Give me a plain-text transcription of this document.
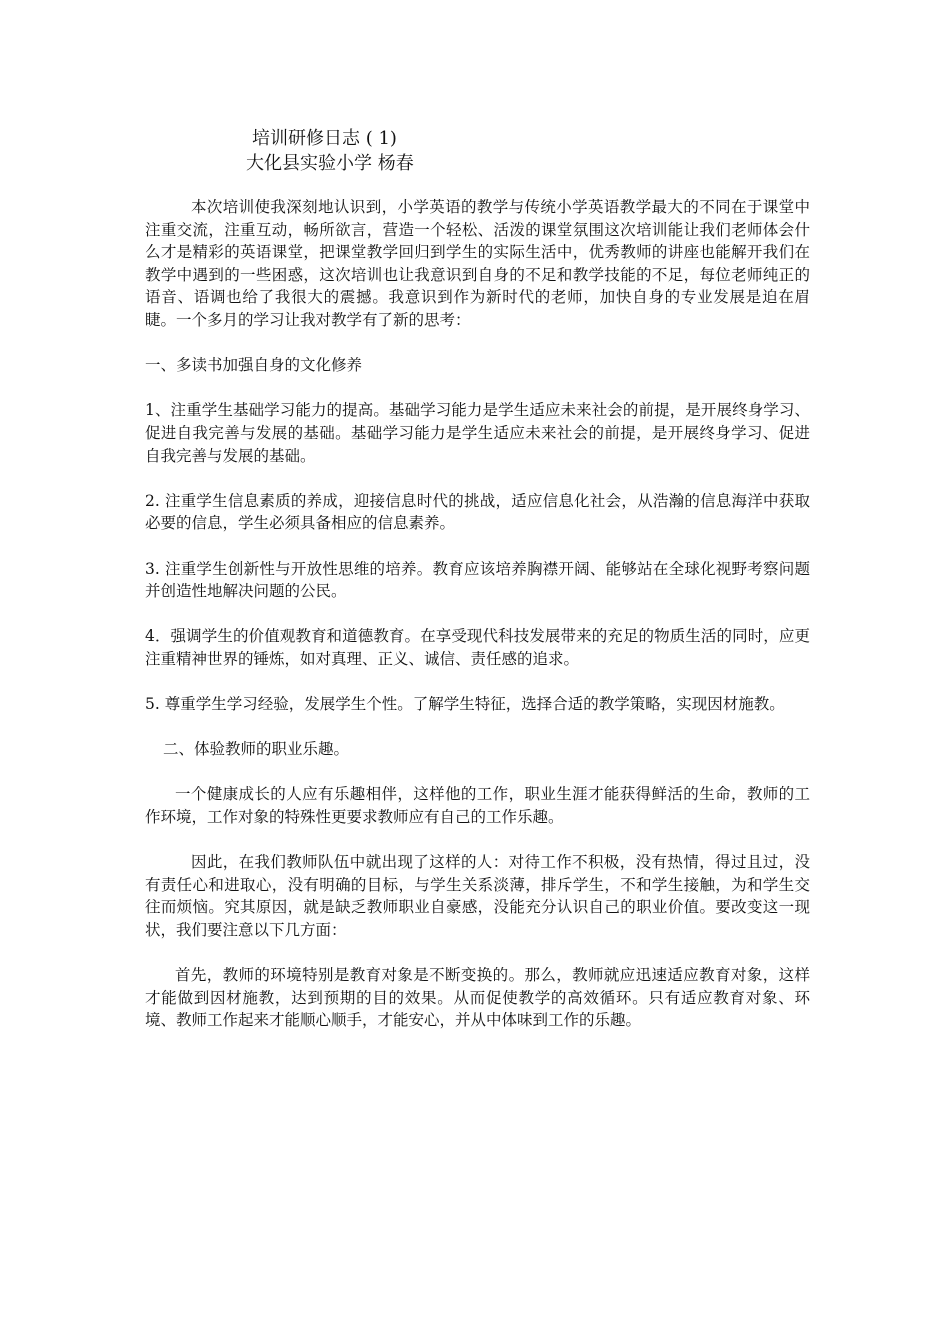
培训研修日志 ( 1)
大化县实验小学 杨春

本次培训使我深刻地认识到，小学英语的教学与传统小学英语教学最大的不同在于课堂中注重交流，注重互动，畅所欲言，营造一个轻松、活泼的课堂氛围这次培训能让我们老师体会什么才是精彩的英语课堂，把课堂教学回归到学生的实际生活中，优秀教师的讲座也能解开我们在教学中遇到的一些困惑，这次培训也让我意识到自身的不足和教学技能的不足，每位老师纯正的语音、语调也给了我很大的震撼。我意识到作为新时代的老师，加快自身的专业发展是迫在眉睫。一个多月的学习让我对教学有了新的思考：

一、多读书加强自身的文化修养

1、注重学生基础学习能力的提高。基础学习能力是学生适应未来社会的前提，是开展终身学习、促进自我完善与发展的基础。基础学习能力是学生适应未来社会的前提，是开展终身学习、促进自我完善与发展的基础。

2. 注重学生信息素质的养成，迎接信息时代的挑战，适应信息化社会，从浩瀚的信息海洋中获取必要的信息，学生必须具备相应的信息素养。

3. 注重学生创新性与开放性思维的培养。教育应该培养胸襟开阔、能够站在全球化视野考察问题并创造性地解决问题的公民。

4．强调学生的价值观教育和道德教育。在享受现代科技发展带来的充足的物质生活的同时，应更注重精神世界的锤炼，如对真理、正义、诚信、责任感的追求。

5. 尊重学生学习经验，发展学生个性。了解学生特征，选择合适的教学策略，实现因材施教。

二、体验教师的职业乐趣。

一个健康成长的人应有乐趣相伴，这样他的工作，职业生涯才能获得鲜活的生命，教师的工作环境，工作对象的特殊性更要求教师应有自己的工作乐趣。

因此，在我们教师队伍中就出现了这样的人：对待工作不积极，没有热情，得过且过，没有责任心和进取心，没有明确的目标，与学生关系淡薄，排斥学生，不和学生接触，为和学生交往而烦恼。究其原因，就是缺乏教师职业自豪感，没能充分认识自己的职业价值。要改变这一现状，我们要注意以下几方面：

首先，教师的环境特别是教育对象是不断变换的。那么，教师就应迅速适应教育对象，这样才能做到因材施教，达到预期的目的效果。从而促使教学的高效循环。只有适应教育对象、环境、教师工作起来才能顺心顺手，才能安心，并从中体味到工作的乐趣。
